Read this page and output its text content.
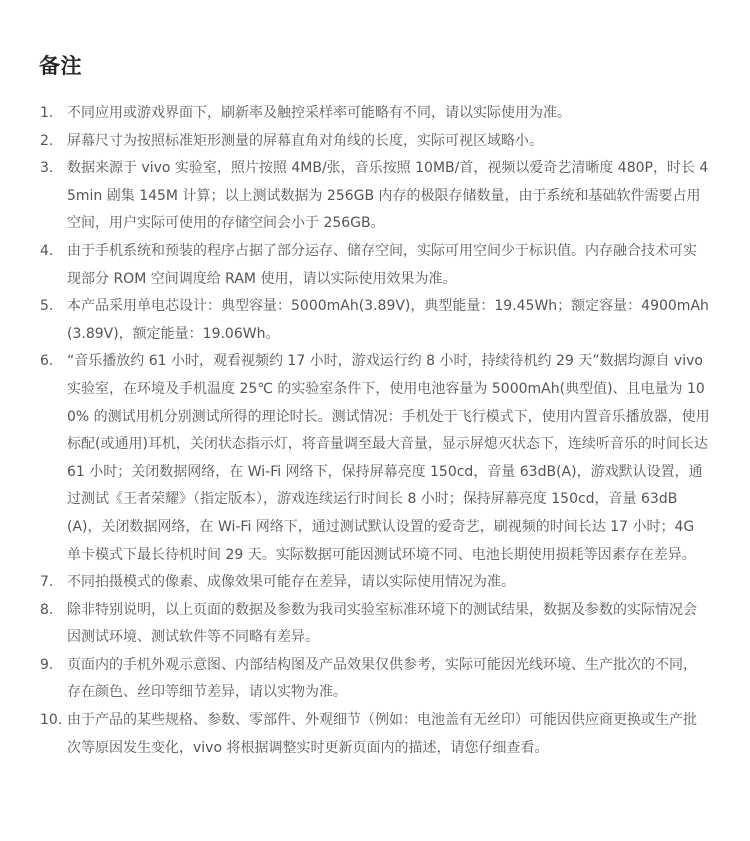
备注
1. 不同应用或游戏界面下，刷新率及触控采样率可能略有不同，请以实际使用为准。
2. 屏幕尺寸为按照标准矩形测量的屏幕直角对角线的长度，实际可视区域略小。
3. 数据来源于 vivo 实验室，照片按照 4MB/张，音乐按照 10MB/首，视频以爱奇艺清晰度 480P，时长 45min 剧集 145M 计算；以上测试数据为 256GB 内存的极限存储数量，由于系统和基础软件需要占用空间，用户实际可使用的存储空间会小于 256GB。
4. 由于手机系统和预装的程序占据了部分运存、储存空间，实际可用空间少于标识值。内存融合技术可实现部分 ROM 空间调度给 RAM 使用，请以实际使用效果为准。
5. 本产品采用单电芯设计：典型容量：5000mAh(3.89V)，典型能量：19.45Wh；额定容量：4900mAh(3.89V)，额定能量：19.06Wh。
6. “音乐播放约 61 小时，观看视频约 17 小时，游戏运行约 8 小时，持续待机约 29 天”数据均源自 vivo 实验室，在环境及手机温度 25℃ 的实验室条件下，使用电池容量为 5000mAh(典型值)、且电量为 100% 的测试用机分别测试所得的理论时长。测试情况：手机处于飞行模式下，使用内置音乐播放器，使用标配(或通用)耳机，关闭状态指示灯，将音量调至最大音量，显示屏熄灭状态下，连续听音乐的时间长达 61 小时；关闭数据网络，在 Wi-Fi 网络下，保持屏幕亮度 150cd，音量 63dB(A)，游戏默认设置，通过测试《王者荣耀》（指定版本），游戏连续运行时间长 8 小时；保持屏幕亮度 150cd，音量 63dB(A)，关闭数据网络，在 Wi-Fi 网络下，通过测试默认设置的爱奇艺，刷视频的时间长达 17 小时；4G 单卡模式下最长待机时间 29 天。实际数据可能因测试环境不同、电池长期使用损耗等因素存在差异。
7. 不同拍摄模式的像素、成像效果可能存在差异，请以实际使用情况为准。
8. 除非特别说明，以上页面的数据及参数为我司实验室标准环境下的测试结果，数据及参数的实际情况会因测试环境、测试软件等不同略有差异。
9. 页面内的手机外观示意图、内部结构图及产品效果仅供参考，实际可能因光线环境、生产批次的不同，存在颜色、丝印等细节差异，请以实物为准。
10. 由于产品的某些规格、参数、零部件、外观细节（例如：电池盖有无丝印）可能因供应商更换或生产批次等原因发生变化，vivo 将根据调整实时更新页面内的描述，请您仔细查看。
